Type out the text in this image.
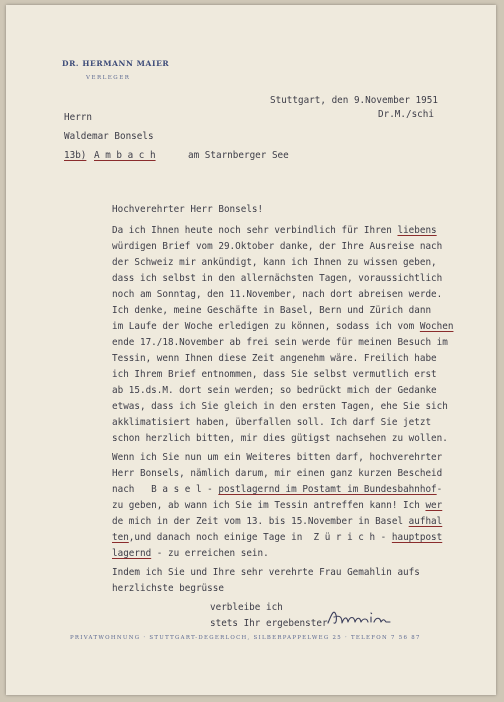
DR. HERMANN MAIER
VERLEGER
Stuttgart, den 9.November 1951
Dr.M./schi
Herrn
Waldemar Bonsels
13b) A m b a c h	am Starnberger See
Hochverehrter Herr Bonsels!
Da ich Ihnen heute noch sehr verbindlich für Ihren liebens
würdigen Brief vom 29.Oktober danke, der Ihre Ausreise nach
der Schweiz mir ankündigt, kann ich Ihnen zu wissen geben,
dass ich selbst in den allernächsten Tagen, voraussichtlich
noch am Sonntag, den 11.November, nach dort abreisen werde.
Ich denke, meine Geschäfte in Basel, Bern und Zürich dann
im Laufe der Woche erledigen zu können, sodass ich vom Wochen
ende 17./18.November ab frei sein werde für meinen Besuch im
Tessin, wenn Ihnen diese Zeit angenehm wäre. Freilich habe
ich Ihrem Brief entnommen, dass Sie selbst vermutlich erst
ab 15.ds.M. dort sein werden; so bedrückt mich der Gedanke
etwas, dass ich Sie gleich in den ersten Tagen, ehe Sie sich
akklimatisiert haben, überfallen soll. Ich darf Sie jetzt
schon herzlich bitten, mir dies gütigst nachsehen zu wollen.
Wenn ich Sie nun um ein Weiteres bitten darf, hochverehrter
Herr Bonsels, nämlich darum, mir einen ganz kurzen Bescheid
nach   B a s e l - postlagernd im Postamt im Bundesbahnhof-
zu geben, ab wann ich Sie im Tessin antreffen kann! Ich wer
de mich in der Zeit vom 13. bis 15.November in Basel aufhal
ten,und danach noch einige Tage in  Z ü r i c h - hauptpost
lagernd - zu erreichen sein.
Indem ich Sie und Ihre sehr verehrte Frau Gemahlin aufs
herzlichste begrüsse
verbleibe ich
stets Ihr ergebenster
PRIVATWOHNUNG · STUTTGART-DEGERLOCH, SILBERPAPPELWEG 25 · TELEFON 7 56 87
